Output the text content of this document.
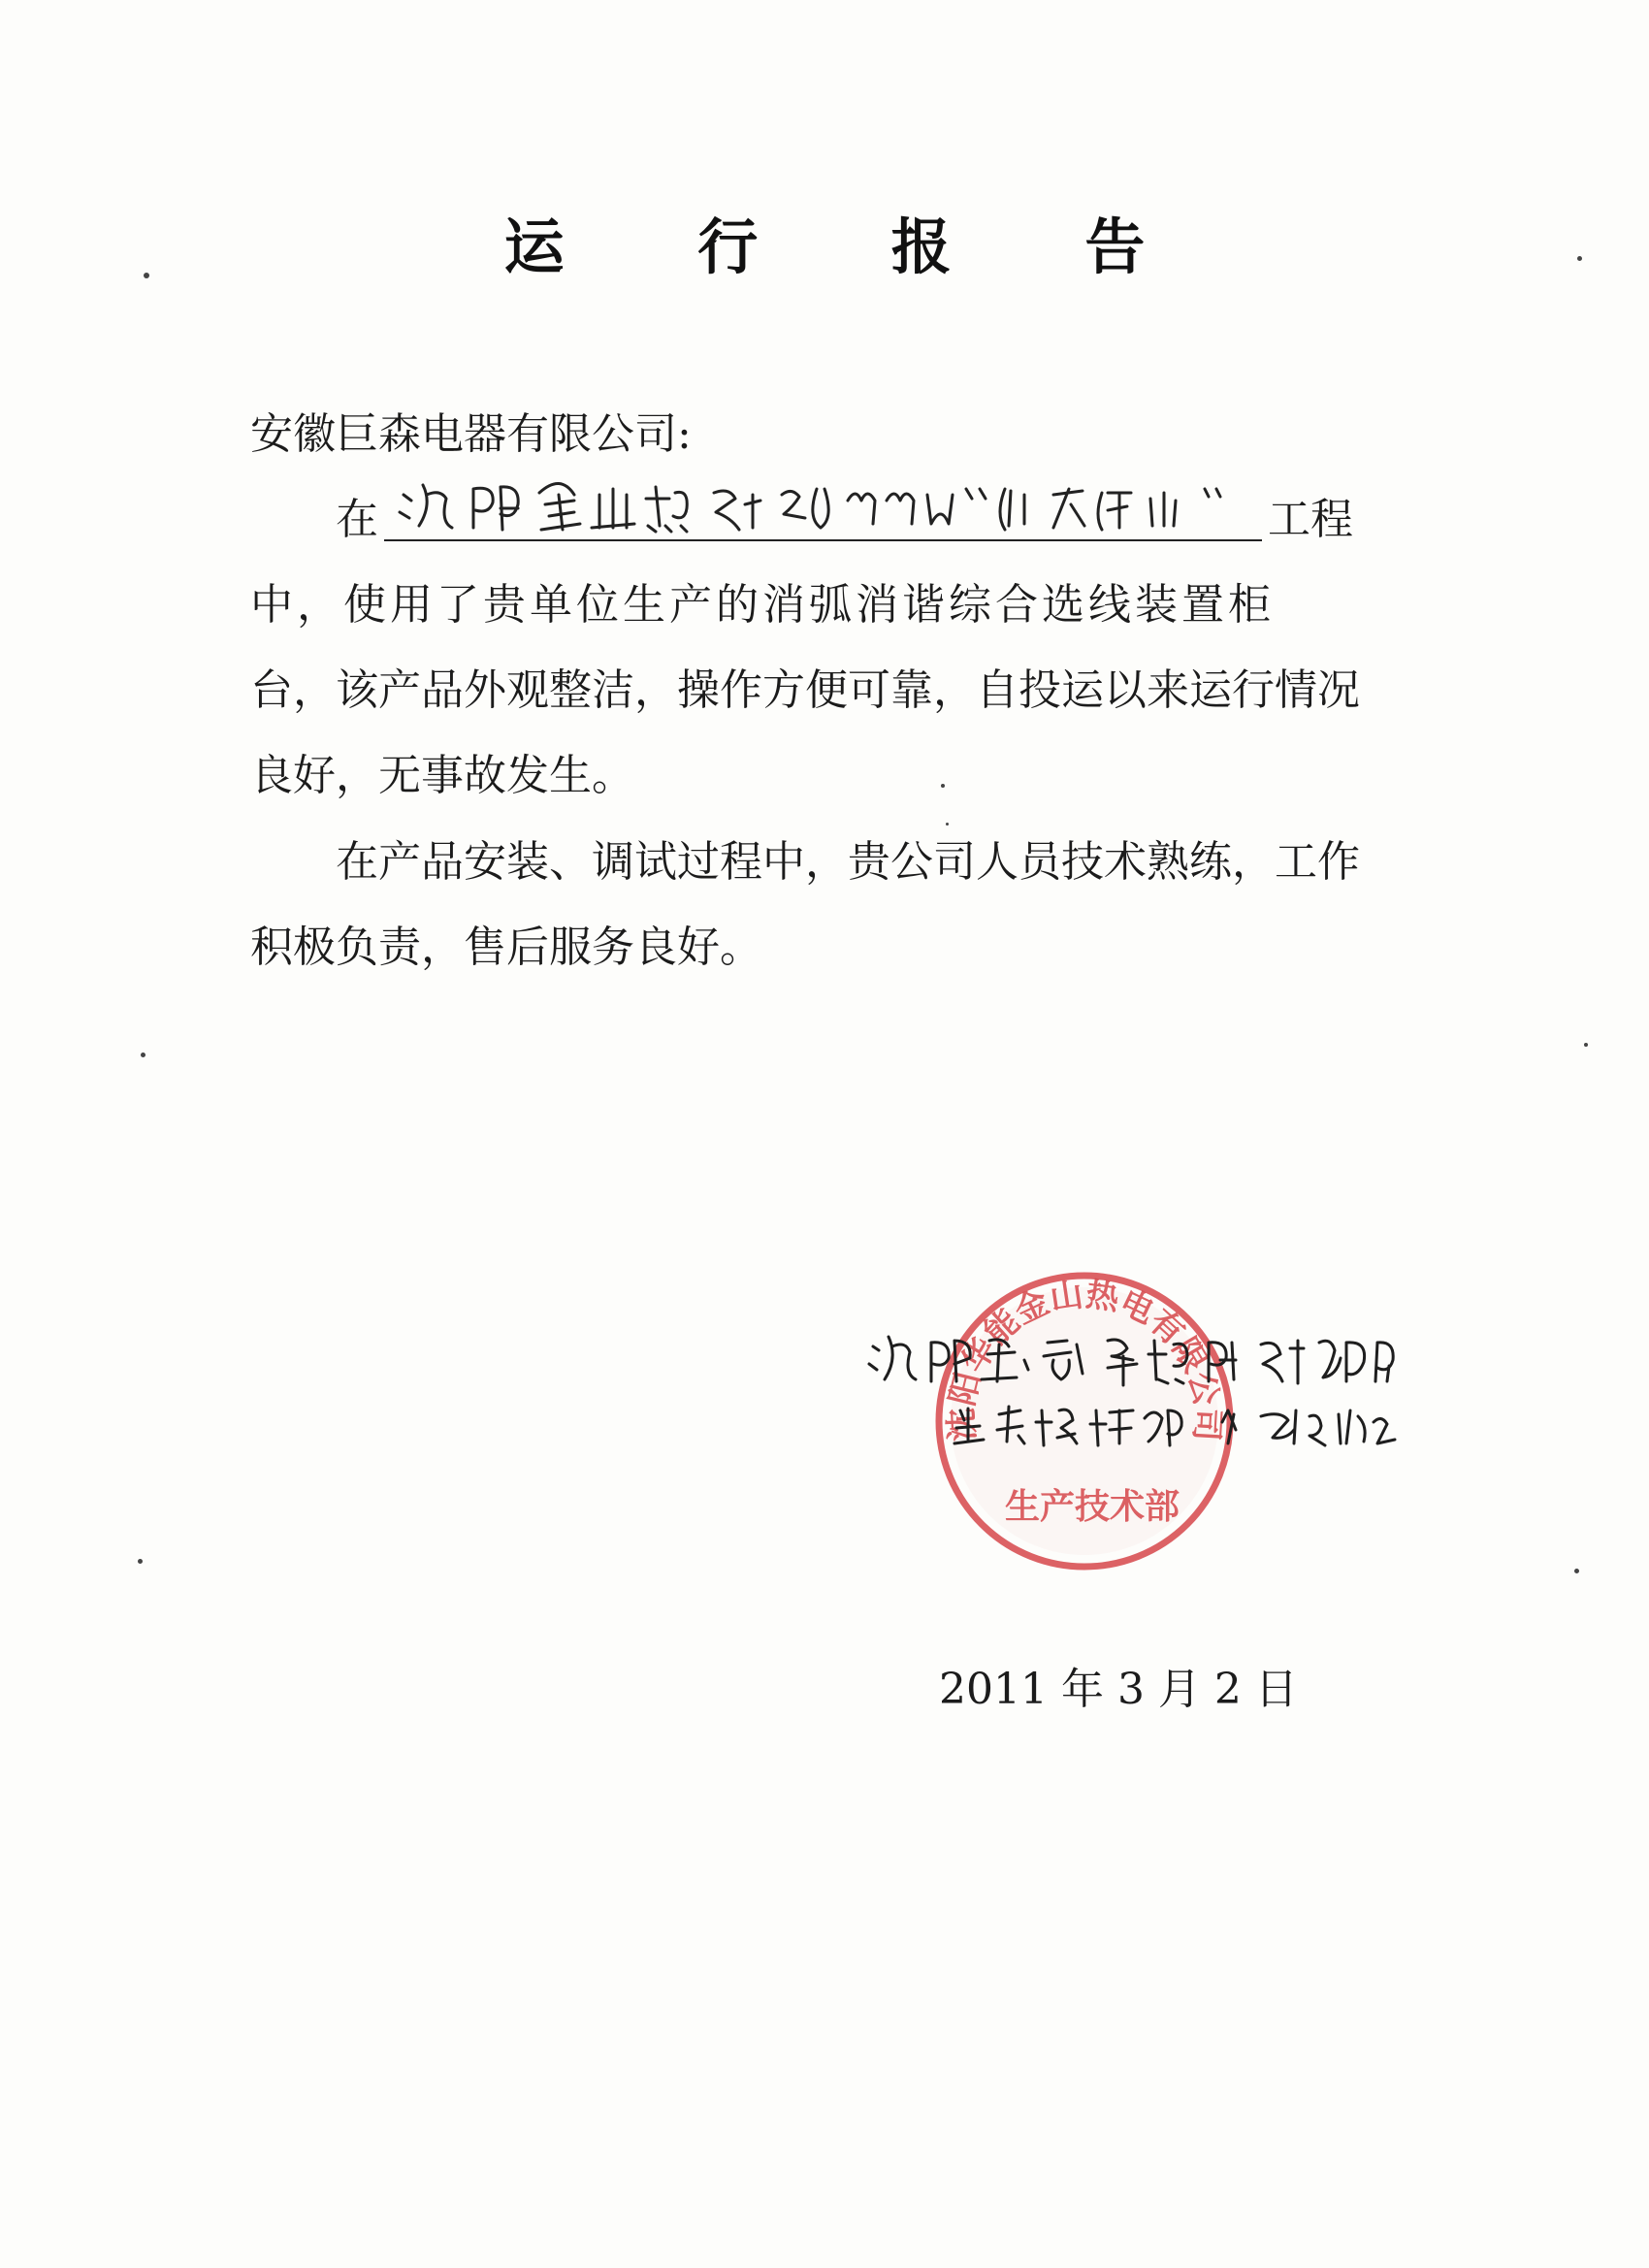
运 行 报 告
安徽巨森电器有限公司:
在	工程
中，使用了贵单位生产的消弧消谐综合选线装置柜
台，该产品外观整洁，操作方便可靠，自投运以来运行情况
良好，无事故发生。
在产品安装、调试过程中，贵公司人员技术熟练，工作
积极负责，售后服务良好。
沈阳华能金山热电有限公司
生产技术部
2011 年 3 月 2 日
